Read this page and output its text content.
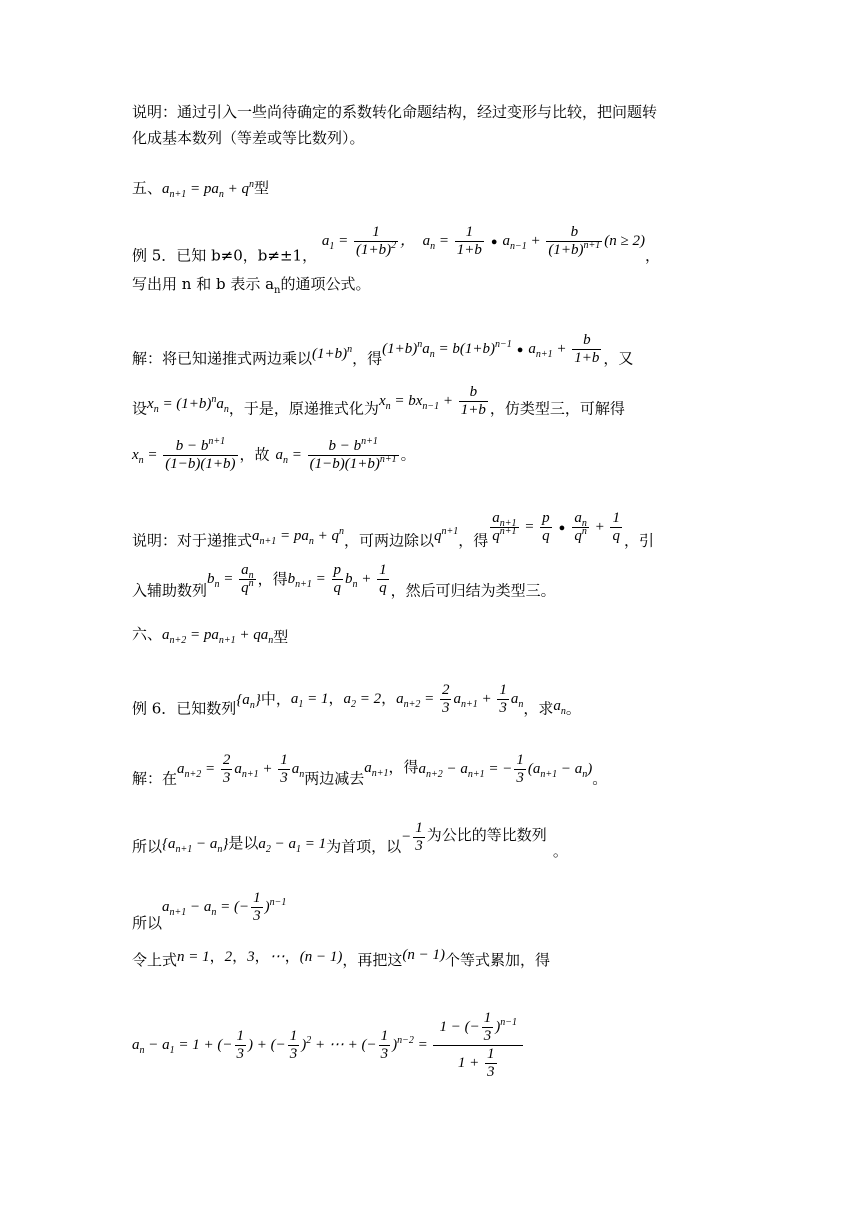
说明：通过引入一些尚待确定的系数转化命题结构，经过变形与比较，把问题转
化成基本数列（等差或等比数列）。
五、$a_{n+1} = pa_n + q^n$型
例 5．已知 b≠0，b≠±1， $a_1 = \frac{1}{(1+b)^2}$ ，  $a_n = \frac{1}{1+b}$ ● $a_{n-1} + \frac{b}{(1+b)^{n+1}} (n \ge 2)$，
写出用 n 和 b 表示 $a_n$的通项公式。
解：将已知递推式两边乘以$(1+b)^n$，得$(1+b)^na_n = b(1+b)^{n-1}$ ● $a_{n+1} + \frac{b}{1+b}$ ，又
设$x_n = (1+b)^na_n$，于是，原递推式化为$x_n = bx_{n-1} + \frac{b}{1+b}$ ，仿类型三，可解得
$x_n = \frac{b - b^{n+1}}{(1-b)(1+b)}$ ，故 $a_n = \frac{b - b^{n+1}}{(1-b)(1+b)^{n+1}}$ 。
说明：对于递推式$a_{n+1} = pa_n + q^n$，可两边除以$q^{n+1}$，得 $\frac{a_{n+1}}{q^{n+1}} = \frac{p}{q}$ ● $\frac{a_n}{q^n} + \frac{1}{q}$ ，引
入辅助数列$b_n = \frac{a_n}{q^n}$ ，得$b_{n+1} = \frac{p}{q} b_n + \frac{1}{q}$ ，然后可归结为类型三。
六、$a_{n+2} = pa_{n+1} + qa_n$型
例 6．已知数列$\{a_n\}$中，$a_1 = 1$，$a_2 = 2$，$a_{n+2} = \frac{2}{3} a_{n+1} + \frac{1}{3} a_n$，求$a_n$。
解：在$a_{n+2} = \frac{2}{3} a_{n+1} + \frac{1}{3} a_n$两边减去$a_{n+1}$，得$a_{n+2} - a_{n+1}$ = − $\frac{1}{3} (a_{n+1} - a_n)$。
所以$\{a_{n+1} - a_n\}$是以$a_2 - a_1 = 1$为首项，以− $\frac{1}{3}$ 为公比的等比数列。
所以$a_{n+1} - a_n$ = (− $\frac{1}{3} )^{n-1}$
令上式n = 1，2，3，⋯，(n − 1)，再把这(n − 1)个等式累加，得
$a_n - a_1 = 1$ + (− $\frac{1}{3}$ ) + (− $\frac{1}{3} )^2$ + ⋯ + (− $\frac{1}{3} )^{n-2} = \frac{1 - (- \frac{1}{3} )^{n-1}}{1 + \frac{1}{3}}$
